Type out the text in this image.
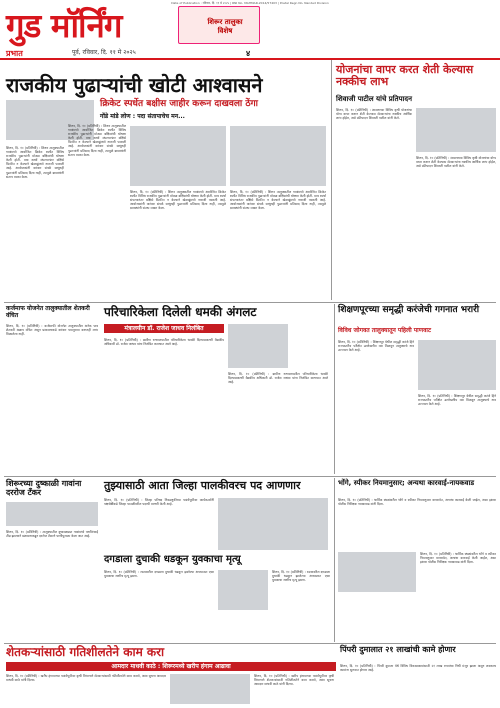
Date of Publication : रविवार, दि. ११ मे २०२५ | RNI No. MAHMAR-2014/57403 | Postal Regn No. Nanded Division
गुड मॉर्निंग
प्रभात	पूर्व, रविवार, दि. ११ मे २०२५	४
शिरूर तालुका विशेष
राजकीय पुढाऱ्यांची खोटी आश्वासने
क्रिकेट स्पर्धेत बक्षीस जाहीर करून दाखवला ठेंगा
गोंडे मांडे लोण : पदा संतापाचेच मन...
शिरूर, दि. १० (प्रतिनिधी) : शिरूर तालुक्यातील गावांमध्ये आयोजित क्रिकेट स्पर्धेत विविध राजकीय पुढाऱ्यांनी मोठ्या बक्षिसांची घोषणा केली होती. मात्र स्पर्धा संपल्यानंतर बक्षिसे वितरित न केल्याने खेळाडूंमध्ये नाराजी पसरली आहे. आयोजकांनी वारंवार संपर्क साधूनही पुढाऱ्यांनी प्रतिसाद दिला नाही, त्यामुळे ग्रामस्थांनी संताप व्यक्त केला.
शिरूर, दि. १० (प्रतिनिधी) : शिरूर तालुक्यातील गावांमध्ये आयोजित क्रिकेट स्पर्धेत विविध राजकीय पुढाऱ्यांनी मोठ्या बक्षिसांची घोषणा केली होती. मात्र स्पर्धा संपल्यानंतर बक्षिसे वितरित न केल्याने खेळाडूंमध्ये नाराजी पसरली आहे. आयोजकांनी वारंवार संपर्क साधूनही पुढाऱ्यांनी प्रतिसाद दिला नाही, त्यामुळे ग्रामस्थांनी संताप व्यक्त केला.
शिरूर, दि. १० (प्रतिनिधी) : शिरूर तालुक्यातील गावांमध्ये आयोजित क्रिकेट स्पर्धेत विविध राजकीय पुढाऱ्यांनी मोठ्या बक्षिसांची घोषणा केली होती. मात्र स्पर्धा संपल्यानंतर बक्षिसे वितरित न केल्याने खेळाडूंमध्ये नाराजी पसरली आहे. आयोजकांनी वारंवार संपर्क साधूनही पुढाऱ्यांनी प्रतिसाद दिला नाही, त्यामुळे ग्रामस्थांनी संताप व्यक्त केला.
शिरूर, दि. १० (प्रतिनिधी) : शिरूर तालुक्यातील गावांमध्ये आयोजित क्रिकेट स्पर्धेत विविध राजकीय पुढाऱ्यांनी मोठ्या बक्षिसांची घोषणा केली होती. मात्र स्पर्धा संपल्यानंतर बक्षिसे वितरित न केल्याने खेळाडूंमध्ये नाराजी पसरली आहे. आयोजकांनी वारंवार संपर्क साधूनही पुढाऱ्यांनी प्रतिसाद दिला नाही, त्यामुळे ग्रामस्थांनी संताप व्यक्त केला.
योजनांचा वापर करत शेती केल्यास नक्कीच लाभ
शिवाजी पाटील यांचे प्रतिपादन
शिरूर, दि. १० (प्रतिनिधी) : शासनाच्या विविध कृषी योजनांचा योग्य वापर करून शेती केल्यास शेतकऱ्यांना नक्कीच आर्थिक लाभ होईल, असे प्रतिपादन शिवाजी पाटील यांनी केले.
शिरूर, दि. १० (प्रतिनिधी) : शासनाच्या विविध कृषी योजनांचा योग्य वापर करून शेती केल्यास शेतकऱ्यांना नक्कीच आर्थिक लाभ होईल, असे प्रतिपादन शिवाजी पाटील यांनी केले.
कर्जमाफ योजनेत तालुक्यातील शेतकरी वंचित
शिरूर, दि. १० (प्रतिनिधी) : कर्जमाफी योजनेत तालुक्यातील अनेक पात्र शेतकरी अद्याप वंचित असून प्रशासनाकडे वारंवार पाठपुरावा करूनही लाभ मिळालेला नाही.
परिचारिकेला दिलेली धमकी अंगलट
मंत्रालयीन डॉ. राजेश जाधव निलंबित
शिरूर, दि. १० (प्रतिनिधी) : ग्रामीण रुग्णालयातील परिचारिकेला धमकी दिल्याप्रकरणी वैद्यकीय अधिकारी डॉ. राजेश जाधव यांना निलंबित करण्यात आले आहे.
शिरूर, दि. १० (प्रतिनिधी) : ग्रामीण रुग्णालयातील परिचारिकेला धमकी दिल्याप्रकरणी वैद्यकीय अधिकारी डॉ. राजेश जाधव यांना निलंबित करण्यात आले आहे.
शिक्षणपूरच्या समृद्धी करंजेची गगनात भरारी
विविध जोगवत तालुक्यातून पहिली पाणवाट
शिरूर, दि. १० (प्रतिनिधी) : शिक्षणपूर येथील समृद्धी करंजे हिने राज्यस्तरीय परीक्षेत उल्लेखनीय यश मिळवून तालुक्याचे नाव उज्ज्वल केले आहे.
शिरूर, दि. १० (प्रतिनिधी) : शिक्षणपूर येथील समृद्धी करंजे हिने राज्यस्तरीय परीक्षेत उल्लेखनीय यश मिळवून तालुक्याचे नाव उज्ज्वल केले आहे.
तुझ्यासाठी आता जिल्हा पालकीवरच पद आणणार
शिरूर, दि. १० (प्रतिनिधी) : जिल्हा परिषद निवडणुकीच्या पार्श्वभूमीवर कार्यकर्त्यांनी पक्षश्रेष्ठींकडे जिल्हा पातळीवरील पदाची मागणी केली आहे.
शिरूरच्या दुष्काळी गावांना दररोज टँकर
शिरूर, दि. १० (प्रतिनिधी) : तालुक्यातील दुष्काळग्रस्त गावांमध्ये पाणीटंचाई तीव्र झाल्याने प्रशासनाकडून दररोज टँकरने पाणीपुरवठा केला जात आहे.
भोंगे, स्पीकर नियमानुसार; अन्यथा कारवाई-नायकवाड
शिरूर, दि. १० (प्रतिनिधी) : धार्मिक स्थळांवरील भोंगे व स्पीकर नियमानुसार वापरावेत, अन्यथा कारवाई केली जाईल, असा इशारा पोलीस निरीक्षक नायकवाड यांनी दिला.
शिरूर, दि. १० (प्रतिनिधी) : धार्मिक स्थळांवरील भोंगे व स्पीकर नियमानुसार वापरावेत, अन्यथा कारवाई केली जाईल, असा इशारा पोलीस निरीक्षक नायकवाड यांनी दिला.
दगडाला दुचाकी धडकून युवकाचा मृत्यू
शिरूर, दि. १० (प्रतिनिधी) : रस्त्यावरील दगडाला दुचाकी धडकून झालेल्या अपघातात एका युवकाचा जागीच मृत्यू झाला.
शिरूर, दि. १० (प्रतिनिधी) : रस्त्यावरील दगडाला दुचाकी धडकून झालेल्या अपघातात एका युवकाचा जागीच मृत्यू झाला.
शेतकऱ्यांसाठी गतिशीलतेने काम करा
आमदार माधवी काठे : शिरूरमध्ये खरीप हंगाम आढावा
शिरूर, दि. १० (प्रतिनिधी) : खरीप हंगामाच्या पार्श्वभूमीवर कृषी विभागाने शेतकऱ्यांसाठी गतिशीलतेने काम करावे, अशा सूचना आमदार माधवी काठे यांनी दिल्या.
शिरूर, दि. १० (प्रतिनिधी) : खरीप हंगामाच्या पार्श्वभूमीवर कृषी विभागाने शेतकऱ्यांसाठी गतिशीलतेने काम करावे, अशा सूचना आमदार माधवी काठे यांनी दिल्या.
पिंपरी दुमालात २१ लाखांची कामे होणार
शिरूर, दि. १० (प्रतिनिधी) : पिंपरी दुमाला येथे विविध विकासकामांसाठी २१ लाख रुपयांचा निधी मंजूर झाला असून लवकरच कामांना सुरुवात होणार आहे.
